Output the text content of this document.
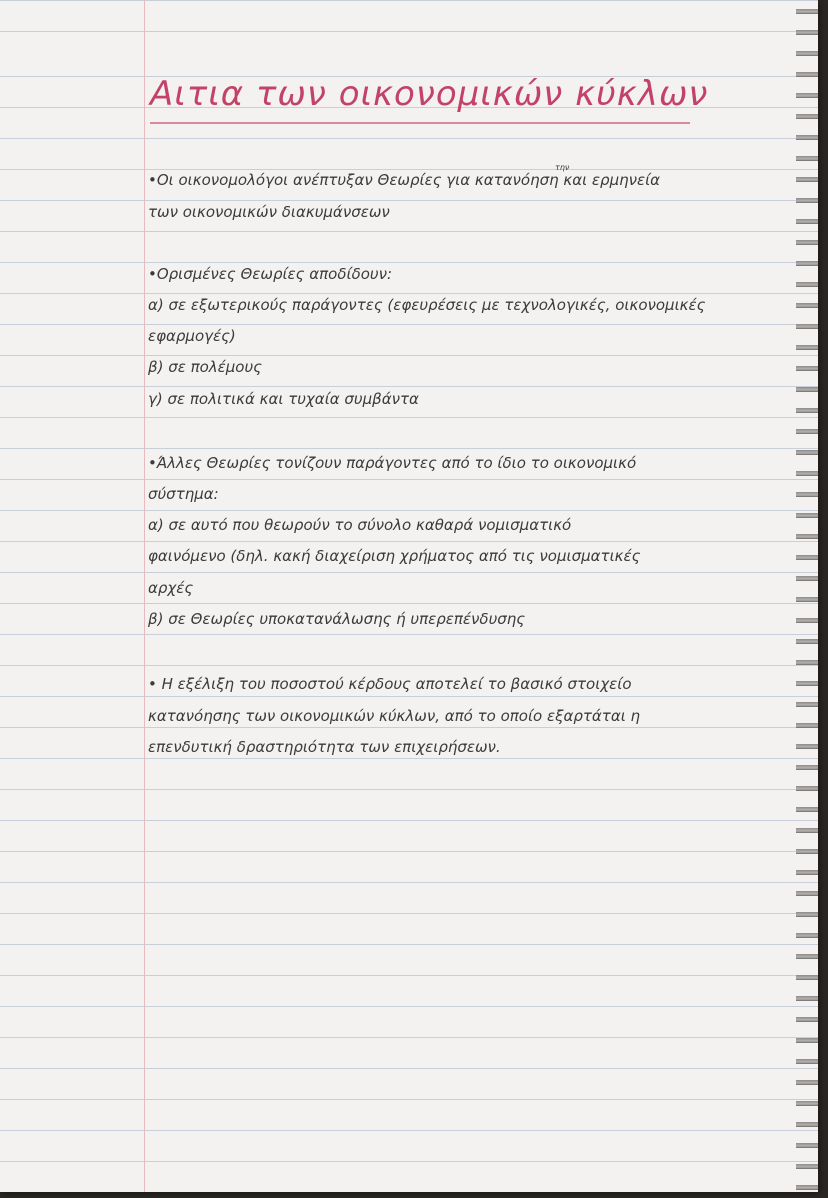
Αιτια των οικονομικών κύκλων
την
•Οι οικονομολόγοι ανέπτυξαν Θεωρίες για κατανόηση και ερμηνεία
των οικονομικών διακυμάνσεων
•Ορισμένες Θεωρίες αποδίδουν:
α) σε εξωτερικούς παράγοντες (εφευρέσεις με τεχνολογικές, οικονομικές
εφαρμογές)
β) σε πολέμους
γ) σε πολιτικά και τυχαία συμβάντα
•Άλλες Θεωρίες τονίζουν παράγοντες από το ίδιο το οικονομικό
σύστημα:
α) σε αυτό που θεωρούν το σύνολο καθαρά νομισματικό
φαινόμενο (δηλ. κακή διαχείριση χρήματος από τις νομισματικές
αρχές
β) σε Θεωρίες υποκατανάλωσης ή υπερεπένδυσης
• Η εξέλιξη του ποσοστού κέρδους αποτελεί το βασικό στοιχείο
κατανόησης των οικονομικών κύκλων, από το οποίο εξαρτάται η
επενδυτική δραστηριότητα των επιχειρήσεων.
